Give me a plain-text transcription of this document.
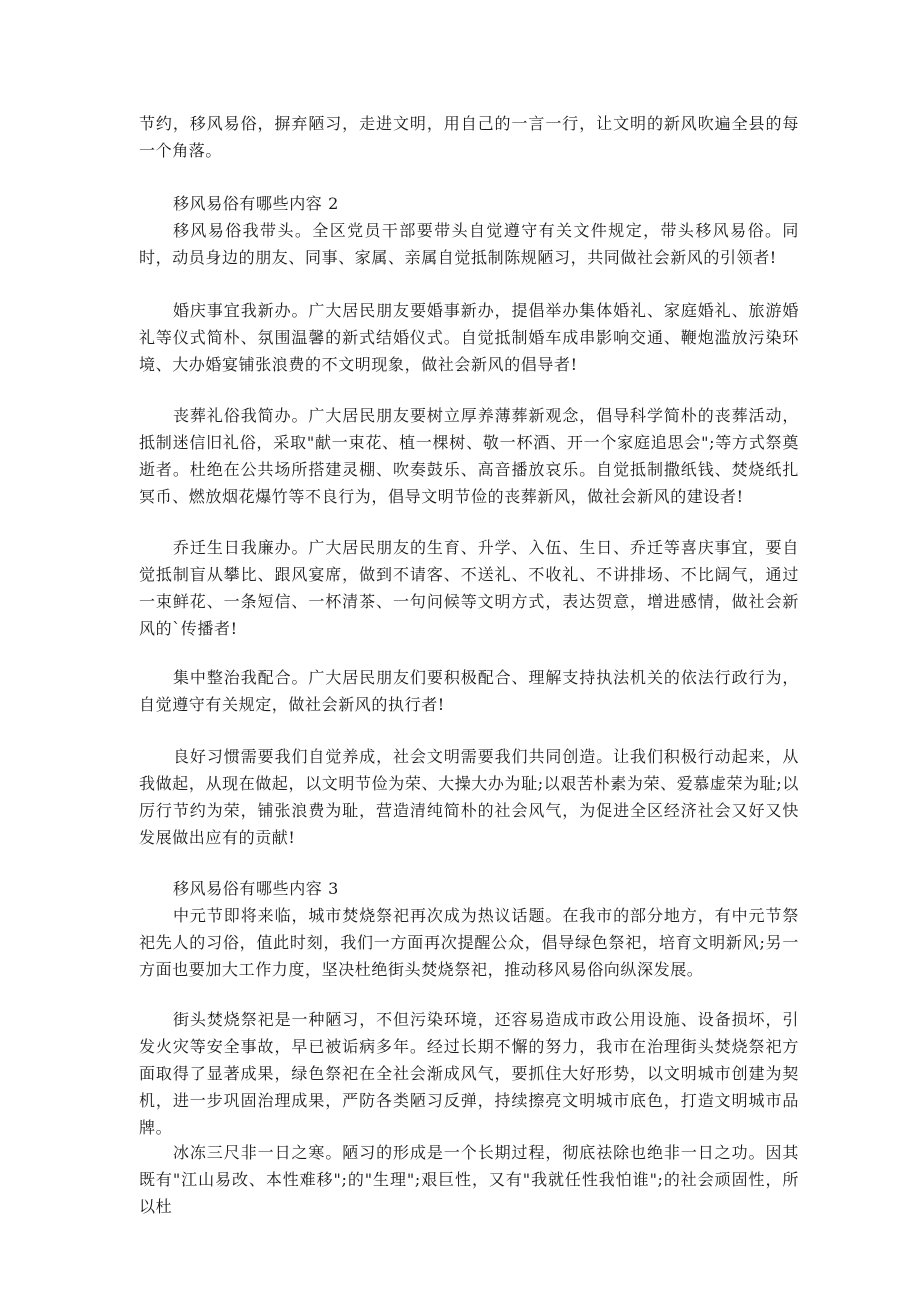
节约，移风易俗，摒弃陋习，走进文明，用自己的一言一行，让文明的新风吹遍全县的每一个角落。

移风易俗有哪些内容 2

移风易俗我带头。全区党员干部要带头自觉遵守有关文件规定，带头移风易俗。同时，动员身边的朋友、同事、家属、亲属自觉抵制陈规陋习，共同做社会新风的引领者!

婚庆事宜我新办。广大居民朋友要婚事新办，提倡举办集体婚礼、家庭婚礼、旅游婚礼等仪式简朴、氛围温馨的新式结婚仪式。自觉抵制婚车成串影响交通、鞭炮滥放污染环境、大办婚宴铺张浪费的不文明现象，做社会新风的倡导者!

丧葬礼俗我简办。广大居民朋友要树立厚养薄葬新观念，倡导科学简朴的丧葬活动，抵制迷信旧礼俗，采取"献一束花、植一棵树、敬一杯酒、开一个家庭追思会";等方式祭奠逝者。杜绝在公共场所搭建灵棚、吹奏鼓乐、高音播放哀乐。自觉抵制撒纸钱、焚烧纸扎冥币、燃放烟花爆竹等不良行为，倡导文明节俭的丧葬新风，做社会新风的建设者!

乔迁生日我廉办。广大居民朋友的生育、升学、入伍、生日、乔迁等喜庆事宜，要自觉抵制盲从攀比、跟风宴席，做到不请客、不送礼、不收礼、不讲排场、不比阔气，通过一束鲜花、一条短信、一杯清茶、一句问候等文明方式，表达贺意，增进感情，做社会新风的`传播者!

集中整治我配合。广大居民朋友们要积极配合、理解支持执法机关的依法行政行为，自觉遵守有关规定，做社会新风的执行者!

良好习惯需要我们自觉养成，社会文明需要我们共同创造。让我们积极行动起来，从我做起，从现在做起，以文明节俭为荣、大操大办为耻;以艰苦朴素为荣、爱慕虚荣为耻;以厉行节约为荣，铺张浪费为耻，营造清纯简朴的社会风气，为促进全区经济社会又好又快发展做出应有的贡献!

移风易俗有哪些内容 3

中元节即将来临，城市焚烧祭祀再次成为热议话题。在我市的部分地方，有中元节祭祀先人的习俗，值此时刻，我们一方面再次提醒公众，倡导绿色祭祀，培育文明新风;另一方面也要加大工作力度，坚决杜绝街头焚烧祭祀，推动移风易俗向纵深发展。

街头焚烧祭祀是一种陋习，不但污染环境，还容易造成市政公用设施、设备损坏，引发火灾等安全事故，早已被诟病多年。经过长期不懈的努力，我市在治理街头焚烧祭祀方面取得了显著成果，绿色祭祀在全社会渐成风气，要抓住大好形势，以文明城市创建为契机，进一步巩固治理成果，严防各类陋习反弹，持续擦亮文明城市底色，打造文明城市品牌。

冰冻三尺非一日之寒。陋习的形成是一个长期过程，彻底祛除也绝非一日之功。因其既有"江山易改、本性难移";的"生理";艰巨性，又有"我就任性我怕谁";的社会顽固性，所以杜
